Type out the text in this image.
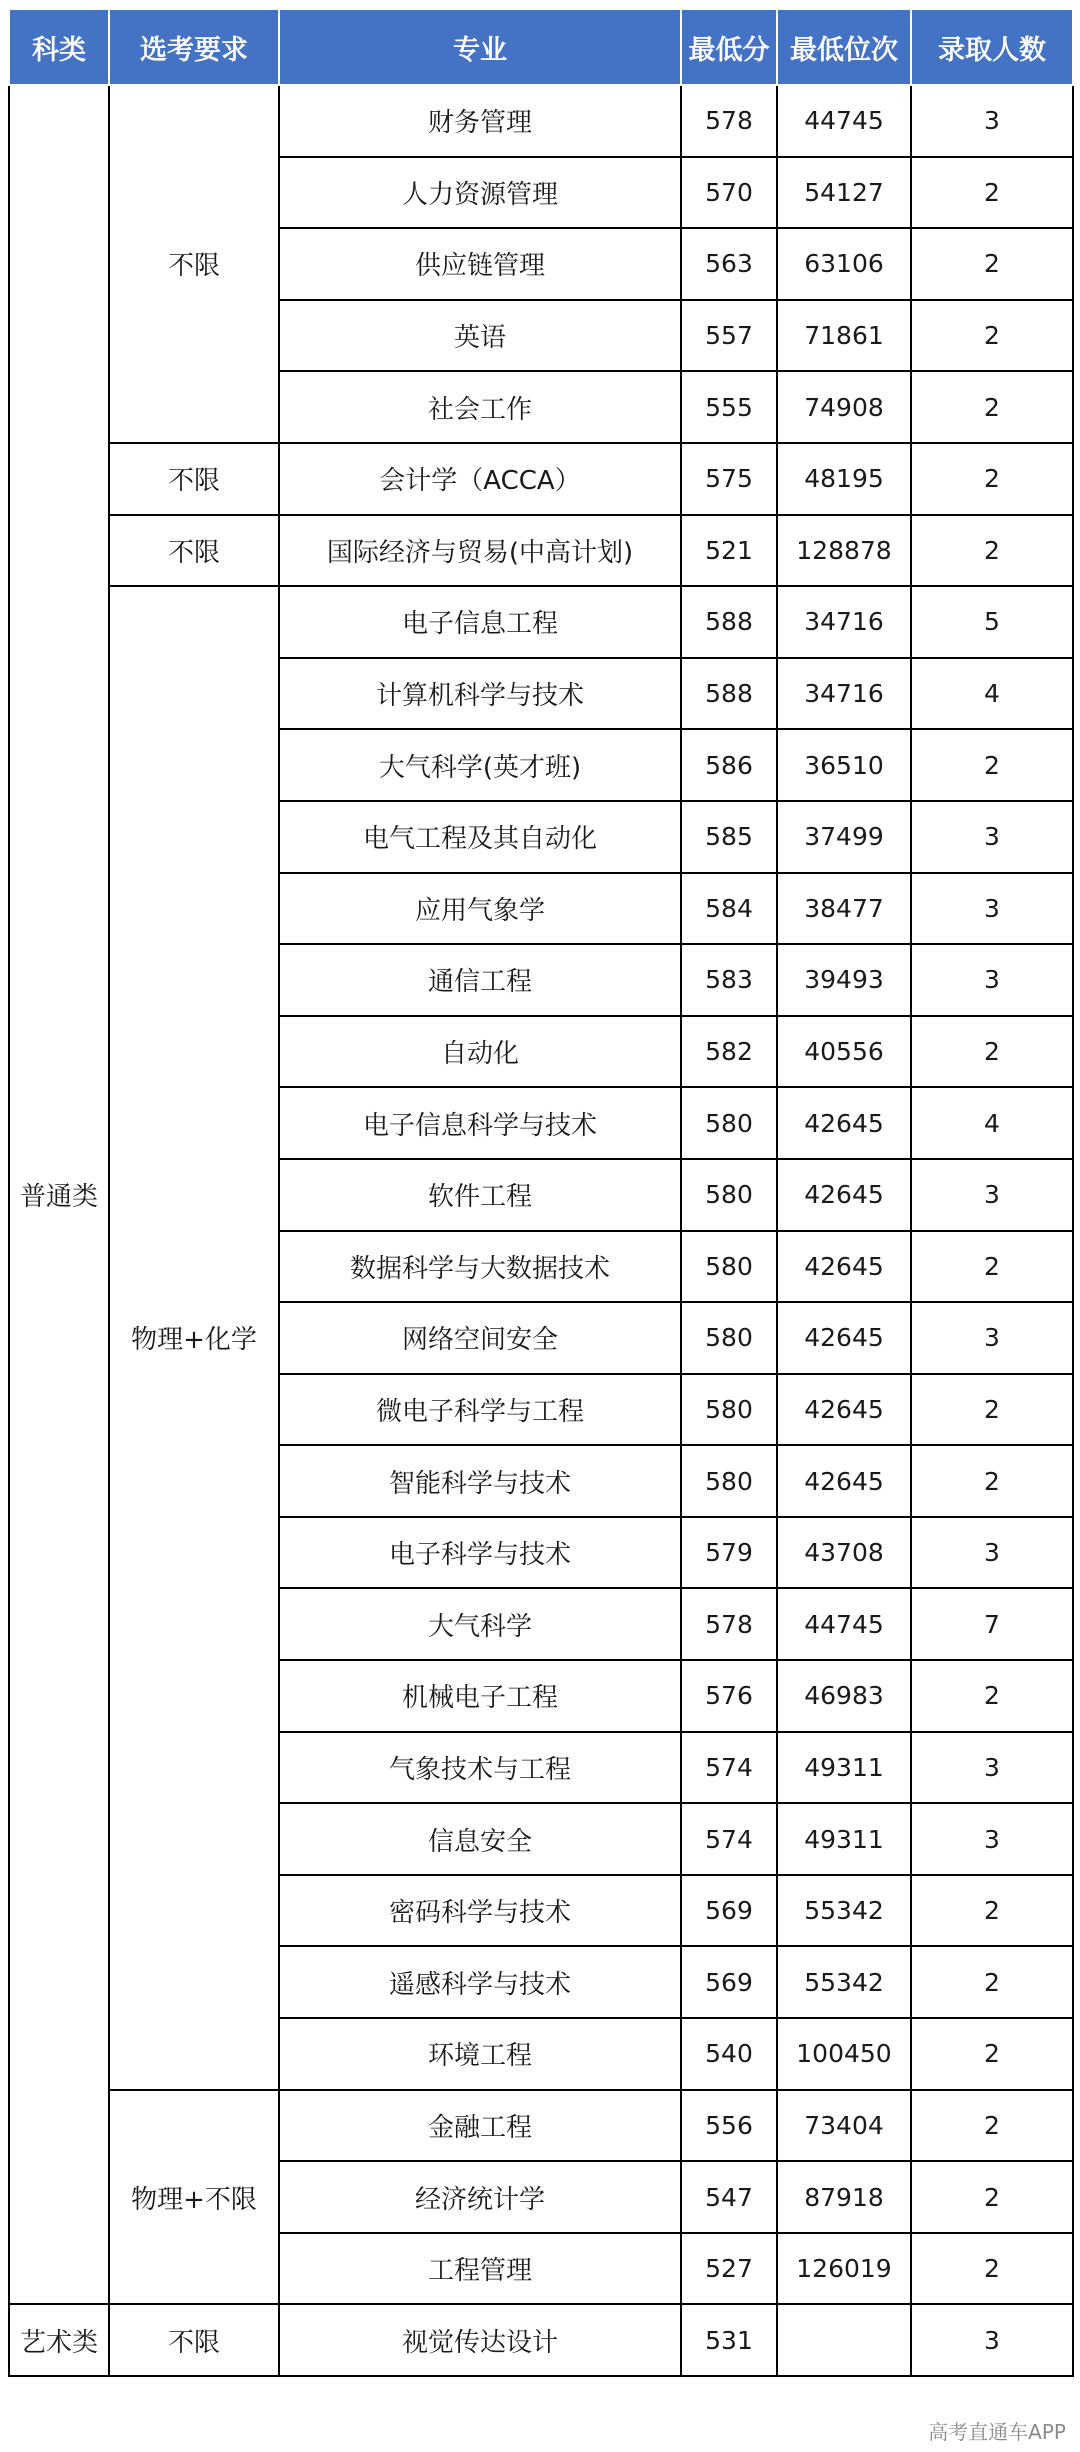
科类	选考要求	专业	最低分	最低位次	录取人数
普通类	不限	财务管理	578	44745	3
		人力资源管理	570	54127	2
		供应链管理	563	63106	2
		英语	557	71861	2
		社会工作	555	74908	2
	不限	会计学（ACCA）	575	48195	2
	不限	国际经济与贸易(中高计划)	521	128878	2
	物理+化学	电子信息工程	588	34716	5
		计算机科学与技术	588	34716	4
		大气科学(英才班)	586	36510	2
		电气工程及其自动化	585	37499	3
		应用气象学	584	38477	3
		通信工程	583	39493	3
		自动化	582	40556	2
		电子信息科学与技术	580	42645	4
		软件工程	580	42645	3
		数据科学与大数据技术	580	42645	2
		网络空间安全	580	42645	3
		微电子科学与工程	580	42645	2
		智能科学与技术	580	42645	2
		电子科学与技术	579	43708	3
		大气科学	578	44745	7
		机械电子工程	576	46983	2
		气象技术与工程	574	49311	3
		信息安全	574	49311	3
		密码科学与技术	569	55342	2
		遥感科学与技术	569	55342	2
		环境工程	540	100450	2
	物理+不限	金融工程	556	73404	2
		经济统计学	547	87918	2
		工程管理	527	126019	2
艺术类	不限	视觉传达设计	531		3
高考直通车APP
